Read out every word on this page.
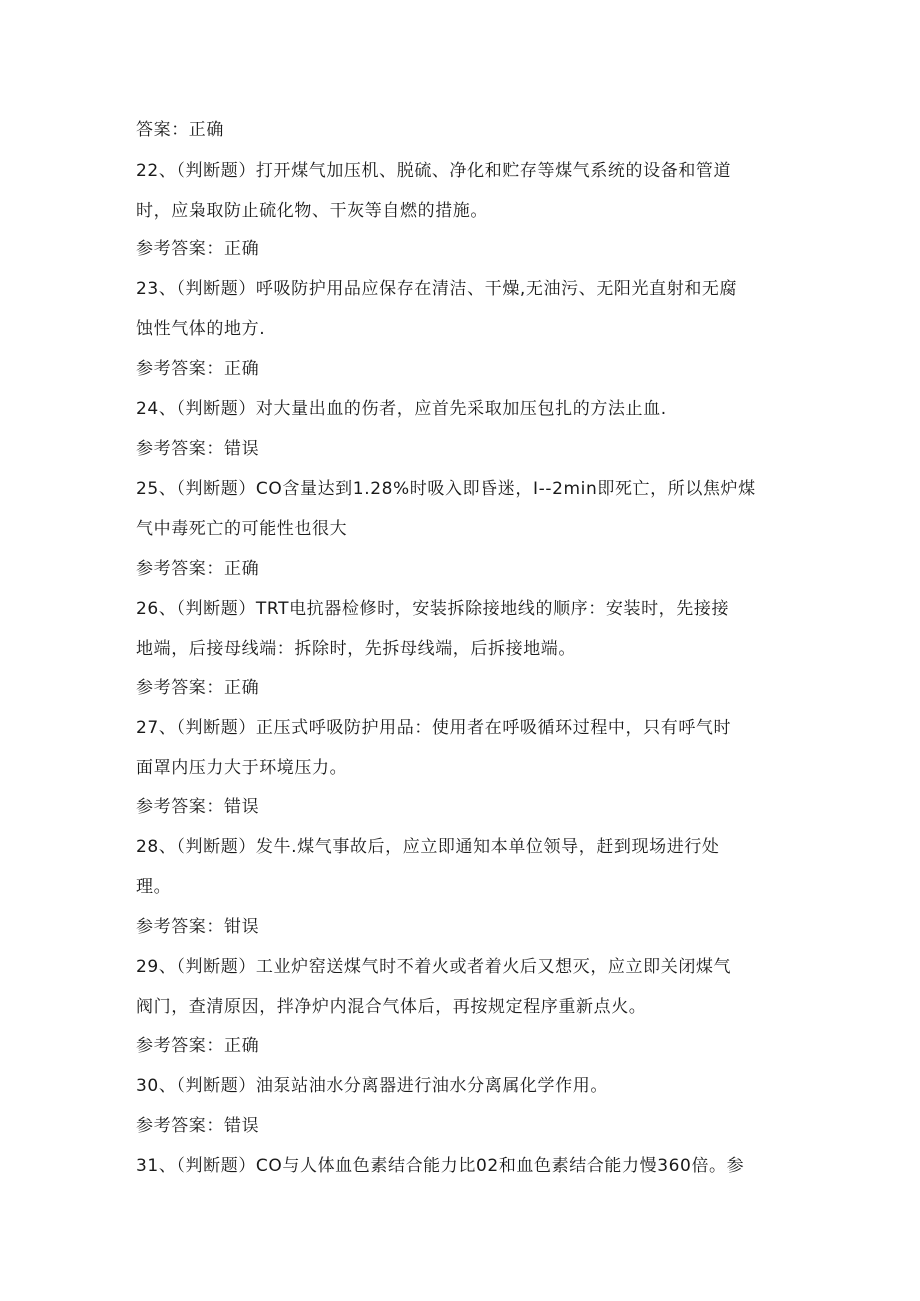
答案：正确
22、（判断题）打开煤气加压机、脱硫、净化和贮存等煤气系统的设备和管道
时，应枭取防止硫化物、干灰等自燃的措施。
参考答案：正确
23、（判断题）呼吸防护用品应保存在清洁、干燥,无油污、无阳光直射和无腐
蚀性气体的地方.
参考答案：正确
24、（判断题）对大量出血的伤者，应首先采取加压包扎的方法止血.
参考答案：错误
25、（判断题）CO含量达到1.28%时吸入即昏迷，I--2min即死亡，所以焦炉煤
气中毒死亡的可能性也很大
参考答案：正确
26、（判断题）TRT电抗器检修时，安装拆除接地线的顺序：安装时，先接接
地端，后接母线端：拆除时，先拆母线端，后拆接地端。
参考答案：正确
27、（判断题）正压式呼吸防护用品：使用者在呼吸循环过程中，只有呼气时
面罩内压力大于环境压力。
参考答案：错误
28、（判断题）发牛.煤气事故后，应立即通知本单位领导，赶到现场进行处
理。
参考答案：钳误
29、（判断题）工业炉窑送煤气时不着火或者着火后又想灭，应立即关闭煤气
阀门，查清原因，拌净炉内混合气体后，再按规定程序重新点火。
参考答案：正确
30、（判断题）油泵站油水分离器进行油水分离属化学作用。
参考答案：错误
31、（判断题）CO与人体血色素结合能力比02和血色素结合能力慢360倍。参
